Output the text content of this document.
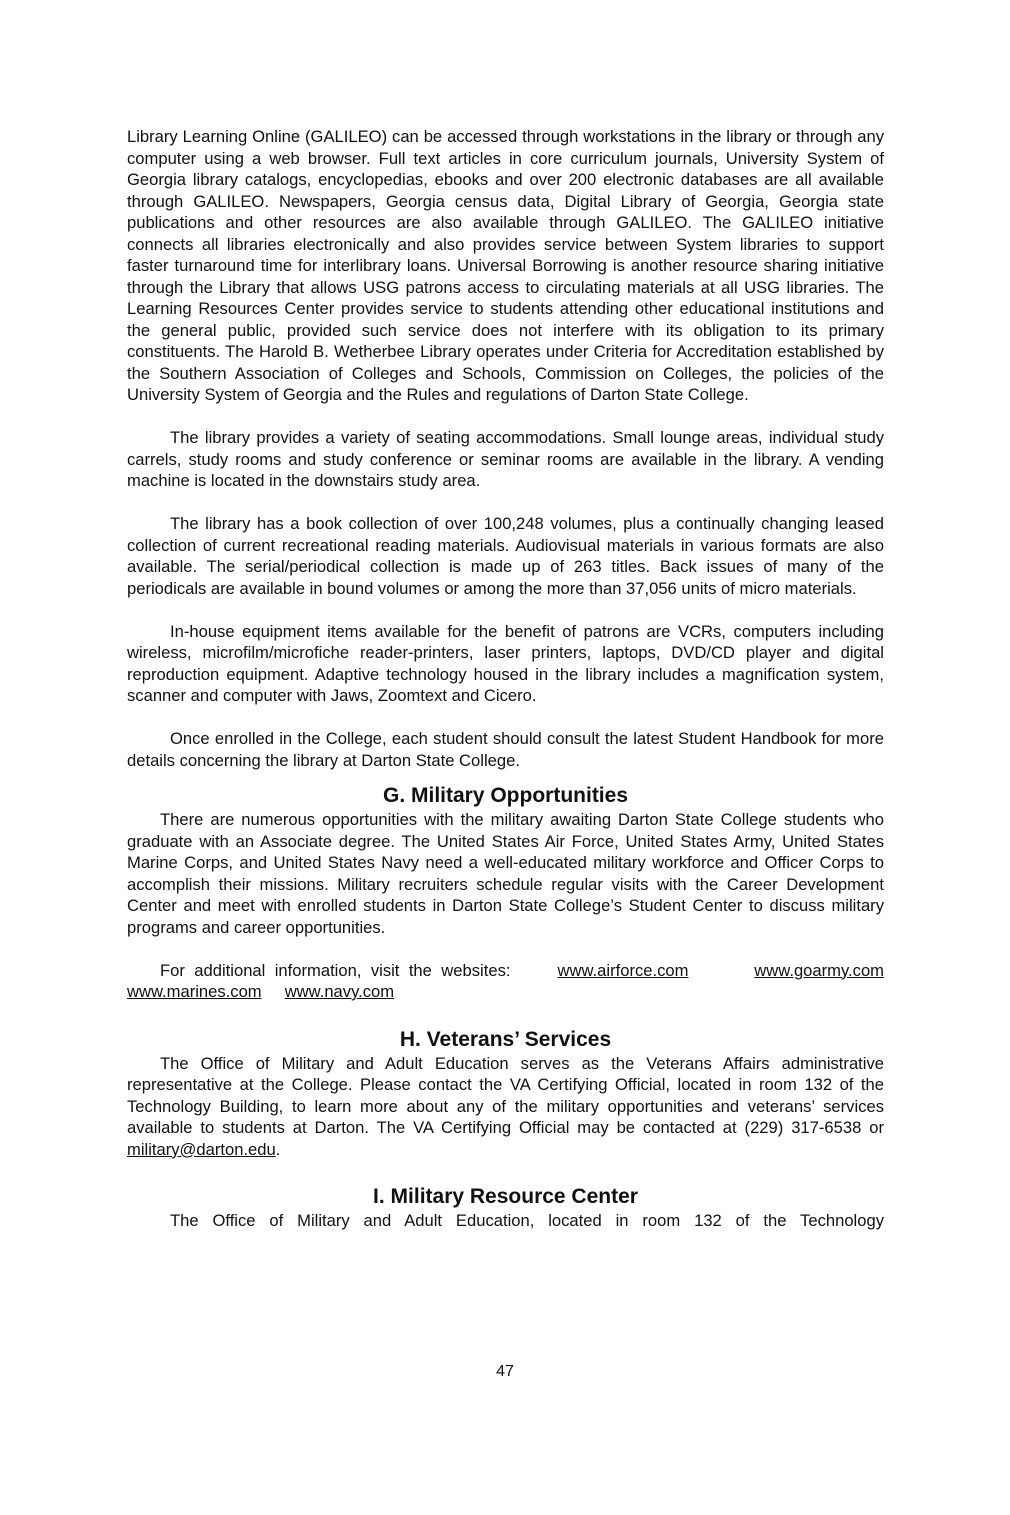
Library Learning Online (GALILEO) can be accessed through workstations in the library or through any computer using a web browser. Full text articles in core curriculum journals, University System of Georgia library catalogs, encyclopedias, ebooks and over 200 electronic databases are all available through GALILEO. Newspapers, Georgia census data, Digital Library of Georgia, Georgia state publications and other resources are also available through GALILEO. The GALILEO initiative connects all libraries electronically and also provides service between System libraries to support faster turnaround time for interlibrary loans. Universal Borrowing is another resource sharing initiative through the Library that allows USG patrons access to circulating materials at all USG libraries. The Learning Resources Center provides service to students attending other educational institutions and the general public, provided such service does not interfere with its obligation to its primary constituents. The Harold B. Wetherbee Library operates under Criteria for Accreditation established by the Southern Association of Colleges and Schools, Commission on Colleges, the policies of the University System of Georgia and the Rules and regulations of Darton State College.

The library provides a variety of seating accommodations. Small lounge areas, individual study carrels, study rooms and study conference or seminar rooms are available in the library. A vending machine is located in the downstairs study area.

The library has a book collection of over 100,248 volumes, plus a continually changing leased collection of current recreational reading materials. Audiovisual materials in various formats are also available. The serial/periodical collection is made up of 263 titles. Back issues of many of the periodicals are available in bound volumes or among the more than 37,056 units of micro materials.

In-house equipment items available for the benefit of patrons are VCRs, computers including wireless, microfilm/microfiche reader-printers, laser printers, laptops, DVD/CD player and digital reproduction equipment. Adaptive technology housed in the library includes a magnification system, scanner and computer with Jaws, Zoomtext and Cicero.

Once enrolled in the College, each student should consult the latest Student Handbook for more details concerning the library at Darton State College.

G. Military Opportunities

There are numerous opportunities with the military awaiting Darton State College students who graduate with an Associate degree. The United States Air Force, United States Army, United States Marine Corps, and United States Navy need a well-educated military workforce and Officer Corps to accomplish their missions. Military recruiters schedule regular visits with the Career Development Center and meet with enrolled students in Darton State College’s Student Center to discuss military programs and career opportunities.

For additional information, visit the websites:	www.airforce.com	www.goarmy.com www.marines.com www.navy.com

H. Veterans’ Services

The Office of Military and Adult Education serves as the Veterans Affairs administrative representative at the College. Please contact the VA Certifying Official, located in room 132 of the Technology Building, to learn more about any of the military opportunities and veterans’ services available to students at Darton. The VA Certifying Official may be contacted at (229) 317-6538 or military@darton.edu.

I. Military Resource Center

The Office of Military and Adult Education, located in room 132 of the Technology

47
